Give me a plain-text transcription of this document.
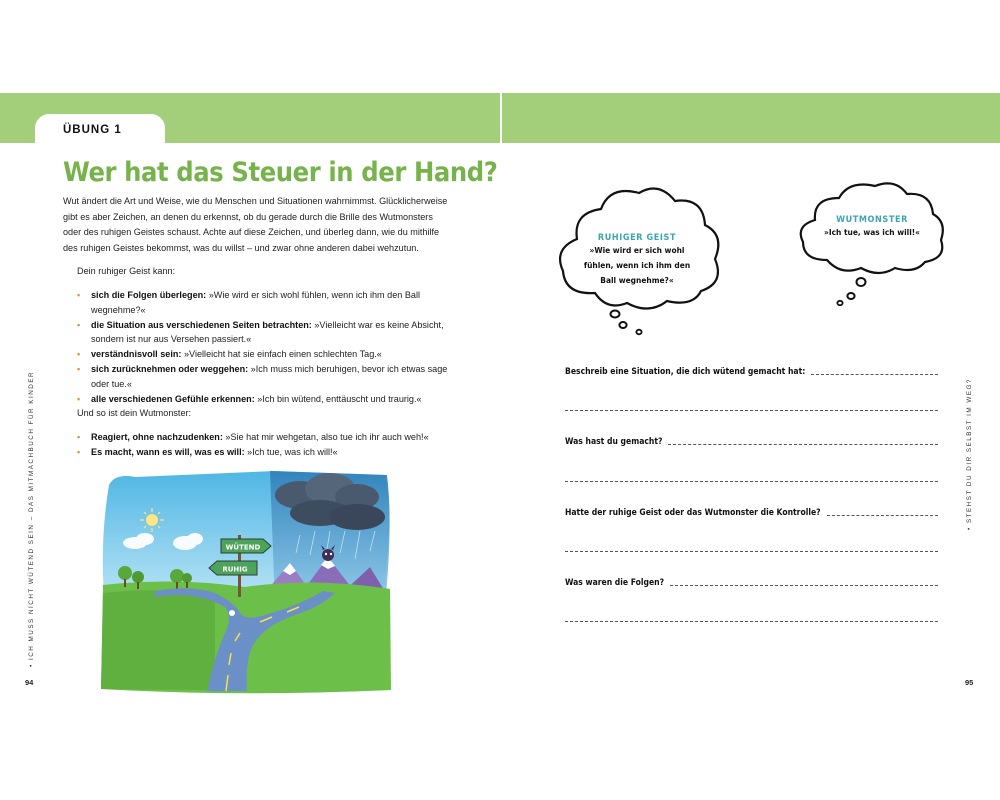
ÜBUNG 1
Wer hat das Steuer in der Hand?

Wut ändert die Art und Weise, wie du Menschen und Situationen wahrnimmst. Glücklicherweise gibt es aber Zeichen, an denen du erkennst, ob du gerade durch die Brille des Wutmonsters oder des ruhigen Geistes schaust. Achte auf diese Zeichen, und überleg dann, wie du mithilfe des ruhigen Geistes bekommst, was du willst – und zwar ohne anderen dabei wehzutun.

Dein ruhiger Geist kann:

• sich die Folgen überlegen: »Wie wird er sich wohl fühlen, wenn ich ihm den Ball wegnehme?«
• die Situation aus verschiedenen Seiten betrachten: »Vielleicht war es keine Absicht, sondern ist nur aus Versehen passiert.«
• verständnisvoll sein: »Vielleicht hat sie einfach einen schlechten Tag.«
• sich zurücknehmen oder weggehen: »Ich muss mich beruhigen, bevor ich etwas sage oder tue.«
• alle verschiedenen Gefühle erkennen: »Ich bin wütend, enttäuscht und traurig.«

Und so ist dein Wutmonster:

• Reagiert, ohne nachzudenken: »Sie hat mir wehgetan, also tue ich ihr auch weh!«
• Es macht, wann es will, was es will: »Ich tue, was ich will!«
WÜTEND
RUHIG
RUHIGER GEIST
»Wie wird er sich wohl
fühlen, wenn ich ihm den
Ball wegnehme?«
WUTMONSTER
»Ich tue, was ich will!«
Beschreib eine Situation, die dich wütend gemacht hat:
Was hast du gemacht?
Hatte der ruhige Geist oder das Wutmonster die Kontrolle?
Was waren die Folgen?
• ICH MUSS NICHT WÜTEND SEIN – DAS MITMACHBUCH FÜR KINDER	• STEHST DU DIR SELBST IM WEG?
94	95
